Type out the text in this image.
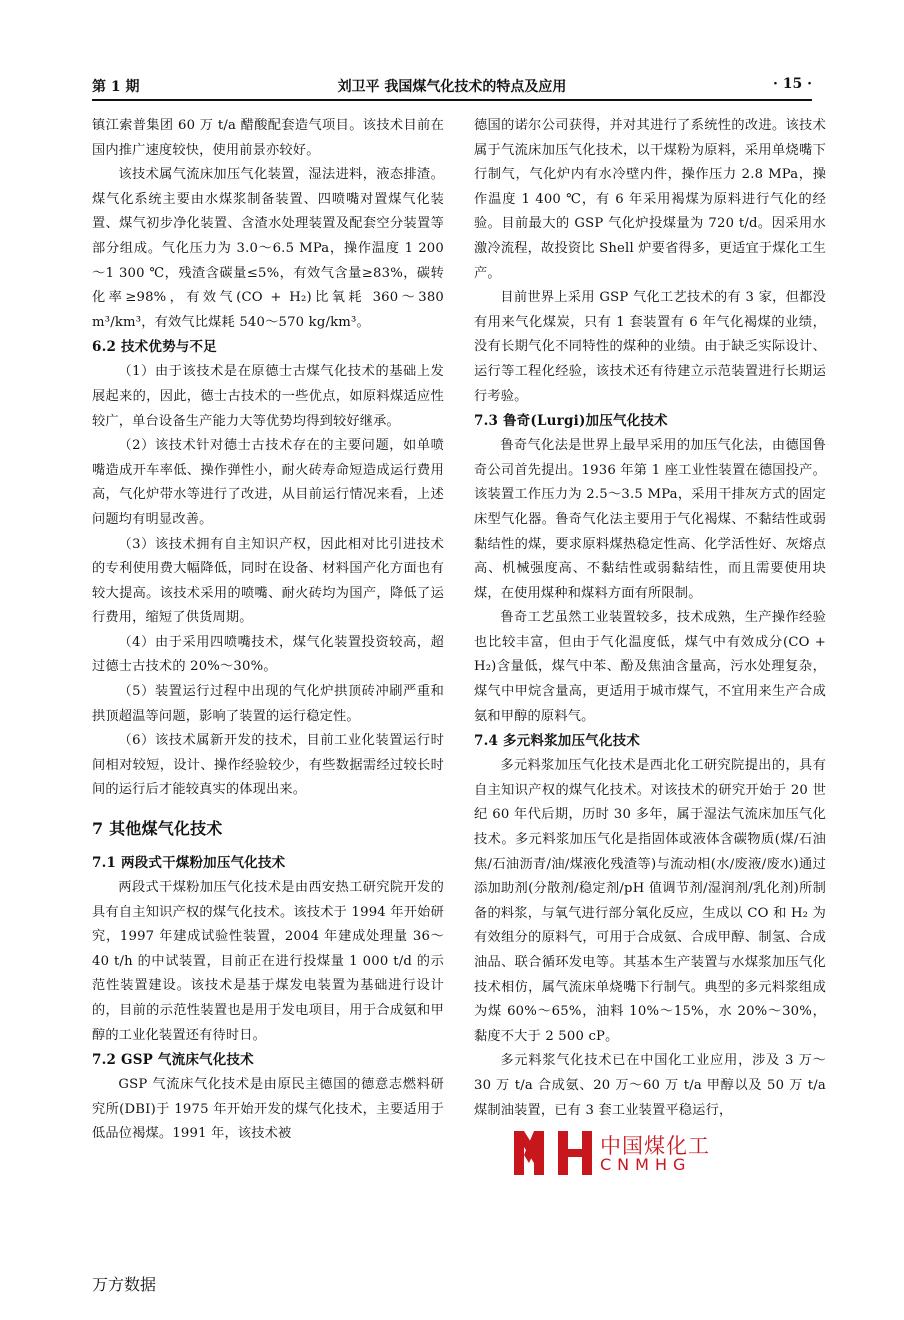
第 1 期	刘卫平 我国煤气化技术的特点及应用	· 15 ·

镇江索普集团 60 万 t/a 醋酸配套造气项目。该技术目前在国内推广速度较快，使用前景亦较好。

该技术属气流床加压气化装置，湿法进料，液态排渣。煤气化系统主要由水煤浆制备装置、四喷嘴对置煤气化装置、煤气初步净化装置、含渣水处理装置及配套空分装置等部分组成。气化压力为 3.0～6.5 MPa，操作温度 1 200～1 300 ℃，残渣含碳量≤5%，有效气含量≥83%，碳转化率≥98%，有效气(CO + H₂)比氧耗 360～380 m³/km³，有效气比煤耗 540～570 kg/km³。

6.2 技术优势与不足

（1）由于该技术是在原德士古煤气化技术的基础上发展起来的，因此，德士古技术的一些优点，如原料煤适应性较广，单台设备生产能力大等优势均得到较好继承。

（2）该技术针对德士古技术存在的主要问题，如单喷嘴造成开车率低、操作弹性小，耐火砖寿命短造成运行费用高，气化炉带水等进行了改进，从目前运行情况来看，上述问题均有明显改善。

（3）该技术拥有自主知识产权，因此相对比引进技术的专利使用费大幅降低，同时在设备、材料国产化方面也有较大提高。该技术采用的喷嘴、耐火砖均为国产，降低了运行费用，缩短了供货周期。

（4）由于采用四喷嘴技术，煤气化装置投资较高，超过德士古技术的 20%～30%。

（5）装置运行过程中出现的气化炉拱顶砖冲刷严重和拱顶超温等问题，影响了装置的运行稳定性。

（6）该技术属新开发的技术，目前工业化装置运行时间相对较短，设计、操作经验较少，有些数据需经过较长时间的运行后才能较真实的体现出来。

7 其他煤气化技术
7.1 两段式干煤粉加压气化技术

两段式干煤粉加压气化技术是由西安热工研究院开发的具有自主知识产权的煤气化技术。该技术于 1994 年开始研究，1997 年建成试验性装置，2004 年建成处理量 36～40 t/h 的中试装置，目前正在进行投煤量 1 000 t/d 的示范性装置建设。该技术是基于煤发电装置为基础进行设计的，目前的示范性装置也是用于发电项目，用于合成氨和甲醇的工业化装置还有待时日。

7.2 GSP 气流床气化技术

GSP 气流床气化技术是由原民主德国的德意志燃料研究所(DBI)于 1975 年开始开发的煤气化技术，主要适用于低品位褐煤。1991 年，该技术被

德国的诺尔公司获得，并对其进行了系统性的改进。该技术属于气流床加压气化技术，以干煤粉为原料，采用单烧嘴下行制气，气化炉内有水冷壁内件，操作压力 2.8 MPa，操作温度 1 400 ℃，有 6 年采用褐煤为原料进行气化的经验。目前最大的 GSP 气化炉投煤量为 720 t/d。因采用水激冷流程，故投资比 Shell 炉要省得多，更适宜于煤化工生产。

目前世界上采用 GSP 气化工艺技术的有 3 家，但都没有用来气化煤炭，只有 1 套装置有 6 年气化褐煤的业绩，没有长期气化不同特性的煤种的业绩。由于缺乏实际设计、运行等工程化经验，该技术还有待建立示范装置进行长期运行考验。

7.3 鲁奇(Lurgi)加压气化技术

鲁奇气化法是世界上最早采用的加压气化法，由德国鲁奇公司首先提出。1936 年第 1 座工业性装置在德国投产。该装置工作压力为 2.5～3.5 MPa，采用干排灰方式的固定床型气化器。鲁奇气化法主要用于气化褐煤、不黏结性或弱黏结性的煤，要求原料煤热稳定性高、化学活性好、灰熔点高、机械强度高、不黏结性或弱黏结性，而且需要使用块煤，在使用煤种和煤料方面有所限制。

鲁奇工艺虽然工业装置较多，技术成熟，生产操作经验也比较丰富，但由于气化温度低，煤气中有效成分(CO + H₂)含量低，煤气中苯、酚及焦油含量高，污水处理复杂，煤气中甲烷含量高，更适用于城市煤气，不宜用来生产合成氨和甲醇的原料气。

7.4 多元料浆加压气化技术

多元料浆加压气化技术是西北化工研究院提出的，具有自主知识产权的煤气化技术。对该技术的研究开始于 20 世纪 60 年代后期，历时 30 多年，属于湿法气流床加压气化技术。多元料浆加压气化是指固体或液体含碳物质(煤/石油焦/石油沥青/油/煤液化残渣等)与流动相(水/废液/废水)通过添加助剂(分散剂/稳定剂/pH 值调节剂/湿润剂/乳化剂)所制备的料浆，与氧气进行部分氧化反应，生成以 CO 和 H₂ 为有效组分的原料气，可用于合成氨、合成甲醇、制氢、合成油品、联合循环发电等。其基本生产装置与水煤浆加压气化技术相仿，属气流床单烧嘴下行制气。典型的多元料浆组成为煤 60%～65%，油料 10%～15%，水 20%～30%，黏度不大于 2 500 cP。

多元料浆气化技术已在中国化工业应用，涉及 3 万～30 万 t/a 合成氨、20 万～60 万 t/a 甲醇以及 50 万 t/a 煤制油装置，已有 3 套工业装置平稳运行，

中国煤化工
CNMHG
万方数据
